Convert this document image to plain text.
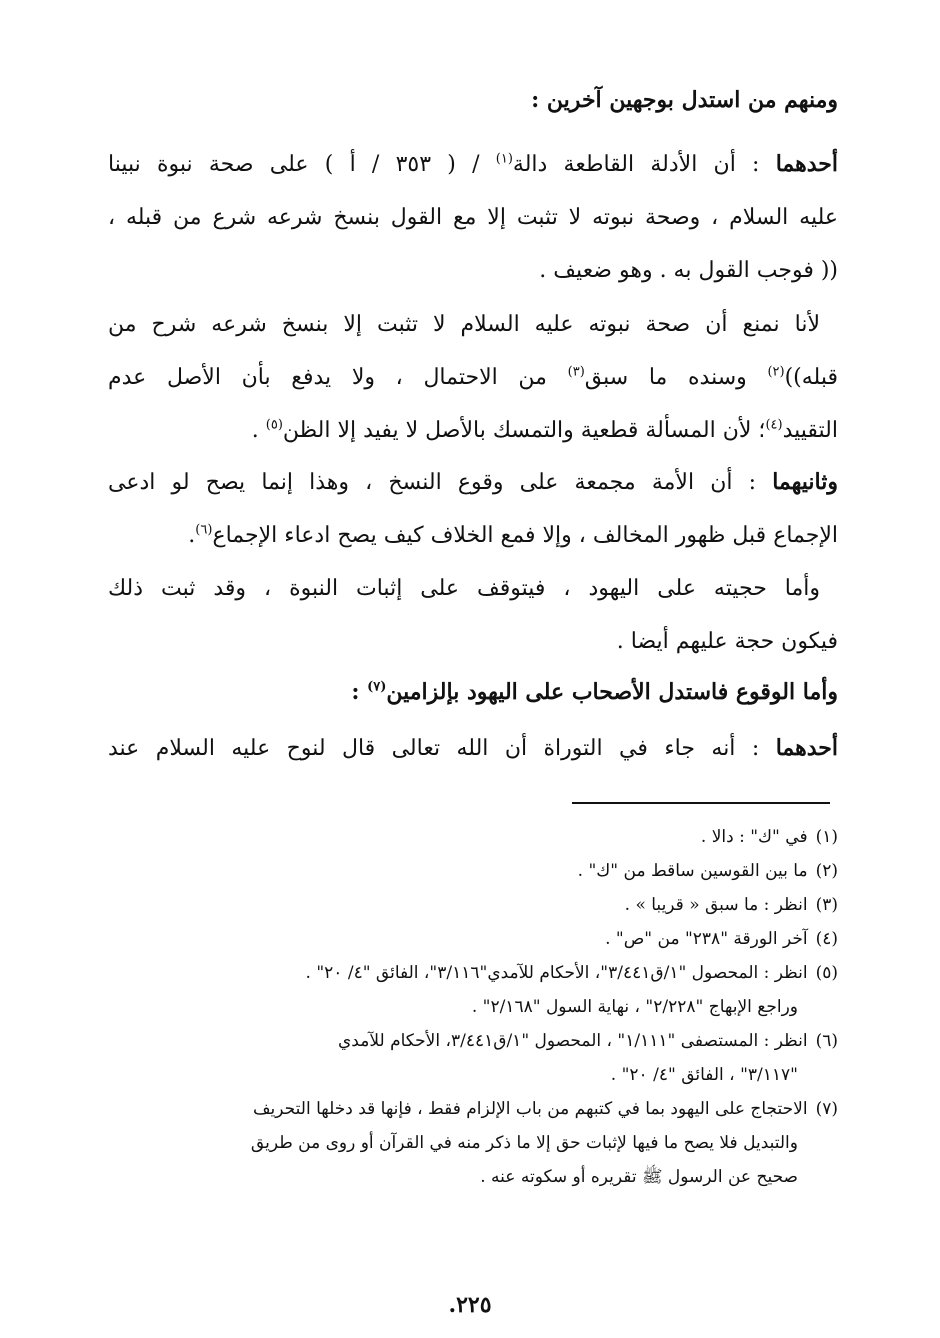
ومنهم من استدل بوجهين آخرين :
أحدهما : أن الأدلة القاطعة دالة$^{(١)}$ / ( ٣٥٣ / أ ) على صحة نبوة نبينا
عليه السلام ، وصحة نبوته لا تثبت إلا مع القول بنسخ شرعه شرع من قبله ،
(( فوجب القول به . وهو ضعيف .
لأنا نمنع أن صحة نبوته عليه السلام لا تثبت إلا بنسخ شرعه شرح من
قبله))$^{(٢)}$ وسنده ما سبق$^{(٣)}$ من الاحتمال ، ولا يدفع بأن الأصل عدم
التقييد$^{(٤)}$؛ لأن المسألة قطعية والتمسك بالأصل لا يفيد إلا الظن$^{(٥)}$ .
وثانيهما : أن الأمة مجمعة على وقوع النسخ ، وهذا إنما يصح لو ادعى
الإجماع قبل ظهور المخالف ، وإلا فمع الخلاف كيف يصح ادعاء الإجماع$^{(٦)}$.
وأما حجيته على اليهود ، فيتوقف على إثبات النبوة ، وقد ثبت ذلك
فيكون حجة عليهم أيضا .
وأما الوقوع فاستدل الأصحاب على اليهود بإلزامين$^{(٧)}$ :
أحدهما : أنه جاء في التوراة أن الله تعالى قال لنوح عليه السلام عند
(١)في "ك" : دالا .
(٢)ما بين القوسين ساقط من "ك" .
(٣)انظر : ما سبق « قريبا » .
(٤)آخر الورقة "٢٣٨" من "ص" .
(٥)انظر : المحصول "١/ق٣/٤٤١"، الأحكام للآمدي"٣/١١٦"، الفائق "٤/ ٢٠" .
وراجع الإبهاج "٢/٢٢٨" ، نهاية السول "٢/١٦٨" .
(٦)انظر : المستصفى "١/١١١" ، المحصول "١/ق٣/٤٤١، الأحكام للآمدي
"٣/١١٧" ، الفائق "٤/ ٢٠" .
(٧)الاحتجاج على اليهود بما في كتبهم من باب الإلزام فقط ، فإنها قد دخلها التحريف
والتبديل فلا يصح ما فيها لإثبات حق إلا ما ذكر منه في القرآن أو روى من طريق
صحيح عن الرسول ﷺ تقريره أو سكوته عنه .
٢٢٥.
